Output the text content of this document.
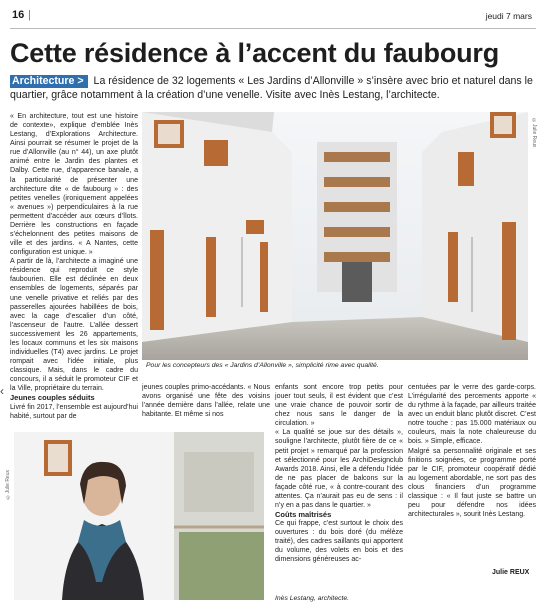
16 |	jeudi 7 mars
Cette résidence à l’accent du faubourg
Architecture > La résidence de 32 logements « Les Jardins d’Allonville » s’insère avec brio et naturel dans le quartier, grâce notamment à la création d’une venelle. Visite avec Inès Lestang, l’architecte.

« En architecture, tout est une histoire de contexte», explique d’emblée Inès Lestang, d’Explorations Architecture. Ainsi pourrait se résumer le projet de la rue d’Allonville (au n° 44), un axe plutôt animé entre le Jardin des plantes et Dalby. Cette rue, d’apparence banale, a la particularité de présenter une architecture dite « de faubourg » : des petites venelles (ironiquement appelées « avenues ») perpendiculaires à la rue permettent d’accéder aux cœurs d’îlots. Derrière les constructions en façade s’échelonnent des petites maisons de ville et des jardins. « A Nantes, cette configuration est unique. »

A partir de là, l’architecte a imaginé une résidence qui reproduit ce style faubourien. Elle est déclinée en deux ensembles de logements, séparés par une venelle privative et reliés par des passerelles ajourées habillées de bois, avec la cage d’escalier d’un côté, l’ascenseur de l’autre. L’allée dessert successivement les 26 appartements, les locaux communs et les six maisons individuelles (T4) avec jardins. Le projet rompait avec l’idée initiale, plus classique. Mais, dans le cadre du concours, il a séduit le promoteur CIF et la Ville, propriétaire du terrain.

Jeunes couples séduits

Livré fin 2017, l’ensemble est aujourd’hui habité, surtout par de

©Julie Reux
Pour les concepteurs des « Jardins d’Allonville », simplicité rime avec qualité.

jeunes couples primo-accédants. « Nous avons organisé une fête des voisins l’année dernière dans l’allée, relate une habitante. Et même si nos

enfants sont encore trop petits pour jouer tout seuls, il est évident que c’est une vraie chance de pouvoir sortir de chez nous sans le danger de la circulation. »

« La qualité se joue sur des détails », souligne l’architecte, plutôt fière de ce « petit projet » remarqué par la profession et sélectionné pour les ArchiDesignclub Awards 2018. Ainsi, elle a défendu l’idée de ne pas placer de balcons sur la façade côté rue, « à contre-courant des attentes. Ça n’aurait pas eu de sens : il n’y en a pas dans le quartier. »

Coûts maîtrisés

Ce qui frappe, c’est surtout le choix des ouvertures : du bois doré (du mélèze traité), des cadres saillants qui apportent du volume, des volets en bois et des dimensions généreuses ac-

centuées par le verre des garde-corps. L’irrégularité des percements apporte « du rythme à la façade, par ailleurs traitée avec un enduit blanc plutôt discret. C’est notre touche : pas 15.000 matériaux ou couleurs, mais la note chaleureuse du bois. » Simple, efficace.

Malgré sa personnalité originale et ses finitions soignées, ce programme porté par le CIF, promoteur coopératif dédié au logement abordable, ne sort pas des clous financiers d’un programme classique : « Il faut juste se battre un peu pour défendre nos idées architecturales », sourit Inès Lestang.

Julie REUX
©Julie Reux
Inès Lestang, architecte.
‹
